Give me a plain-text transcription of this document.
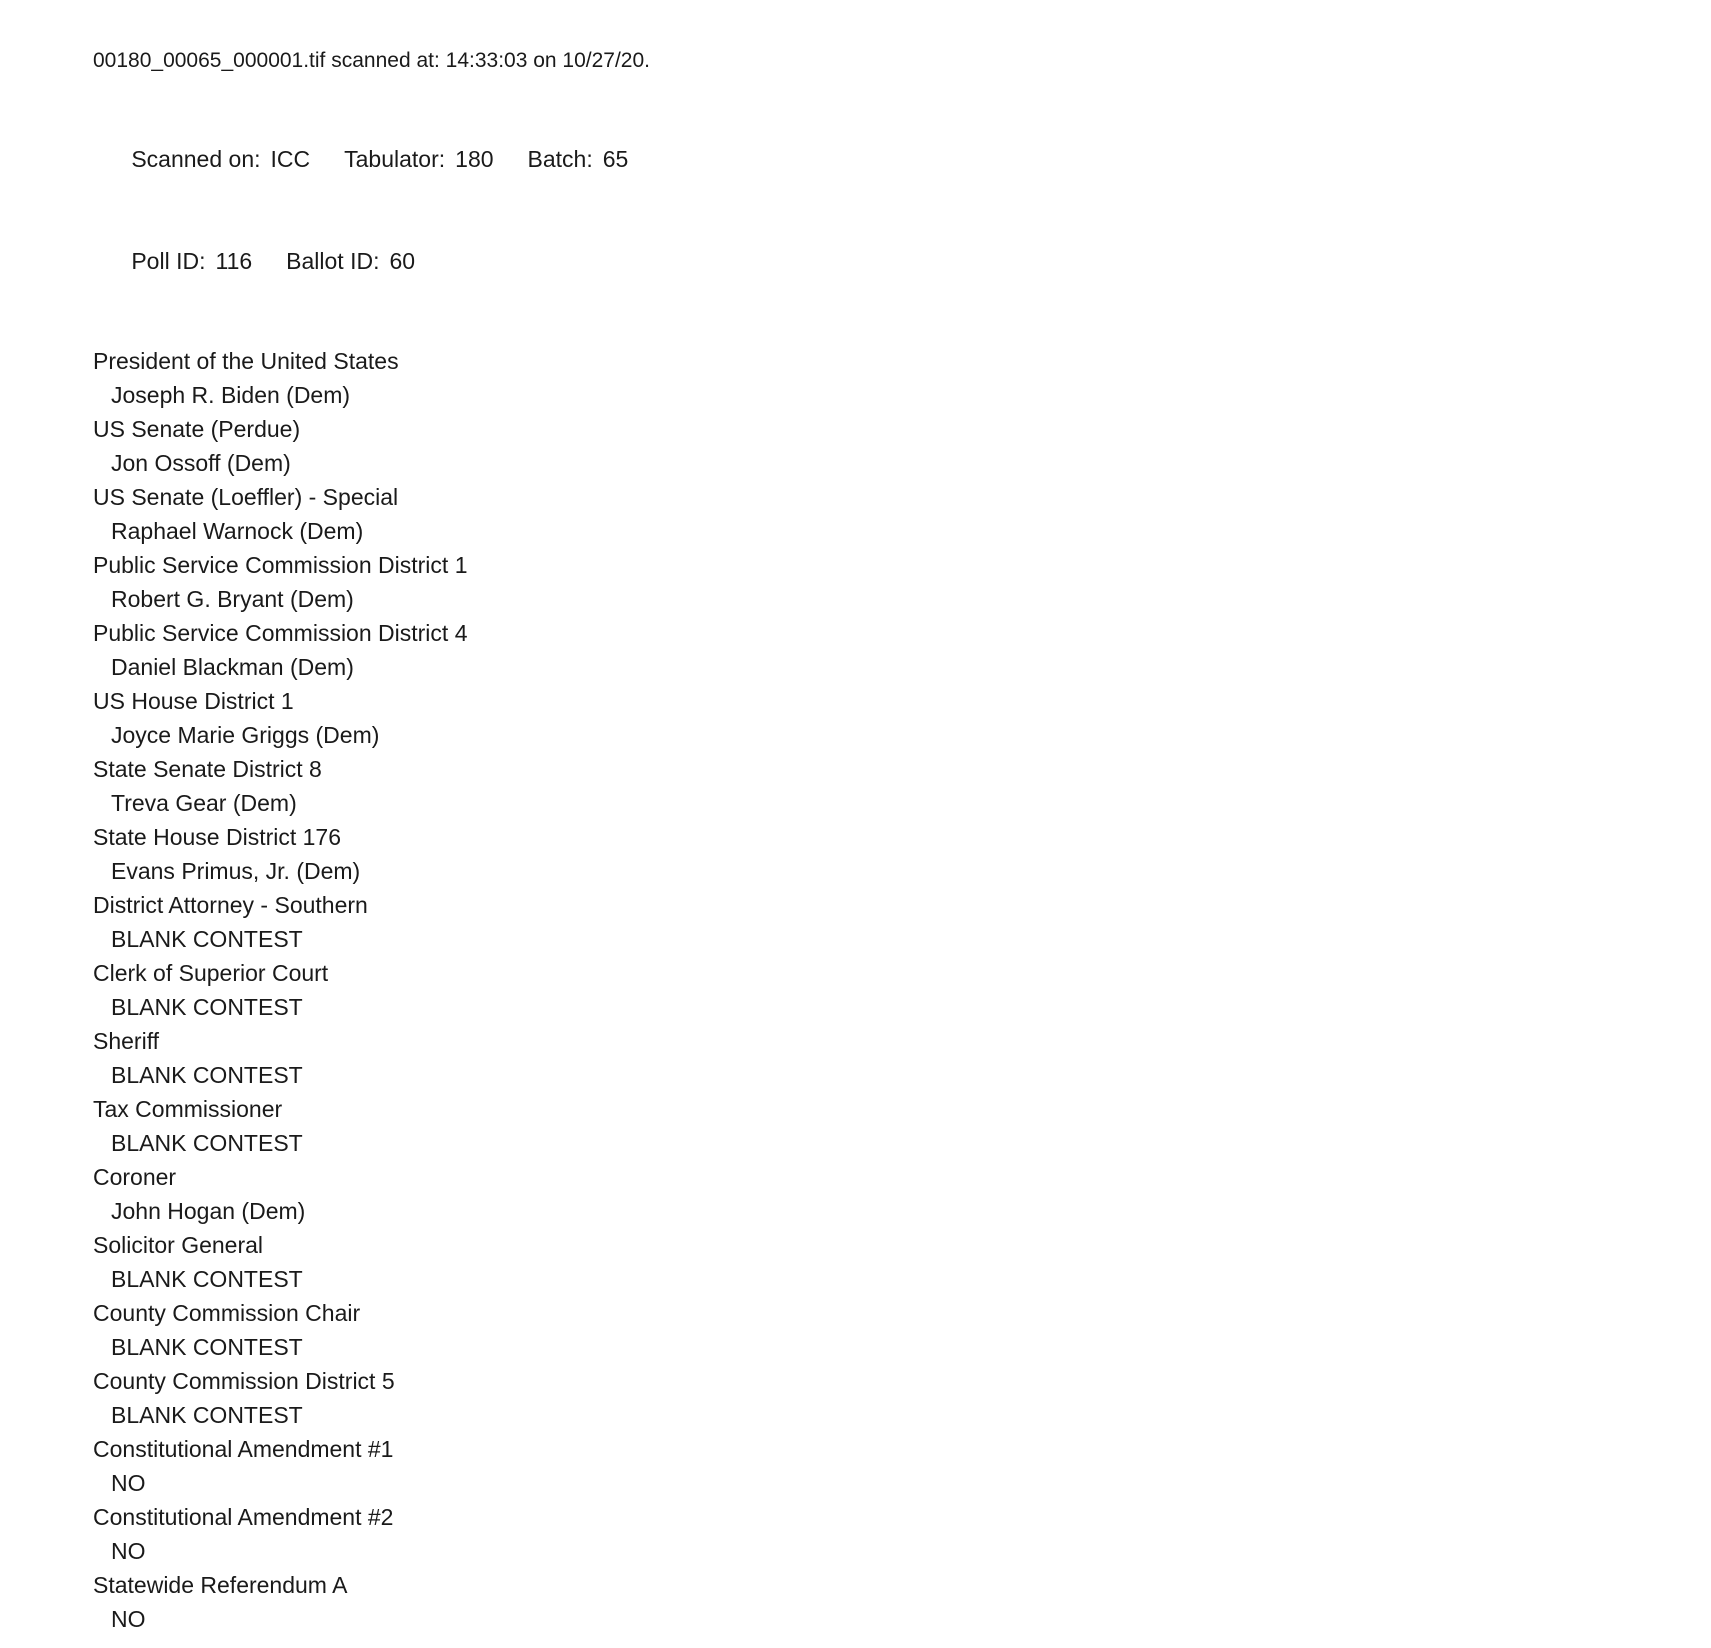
00180_00065_000001.tif scanned at: 14:33:03 on 10/27/20.

Scanned on: ICC Tabulator: 180 Batch: 65

Poll ID: 116 Ballot ID: 60

President of the United States
Joseph R. Biden (Dem)
US Senate (Perdue)
Jon Ossoff (Dem)
US Senate (Loeffler) - Special
Raphael Warnock (Dem)
Public Service Commission District 1
Robert G. Bryant (Dem)
Public Service Commission District 4
Daniel Blackman (Dem)
US House District 1
Joyce Marie Griggs (Dem)
State Senate District 8
Treva Gear (Dem)
State House District 176
Evans Primus, Jr. (Dem)
District Attorney - Southern
BLANK CONTEST
Clerk of Superior Court
BLANK CONTEST
Sheriff
BLANK CONTEST
Tax Commissioner
BLANK CONTEST
Coroner
John Hogan (Dem)
Solicitor General
BLANK CONTEST
County Commission Chair
BLANK CONTEST
County Commission District 5
BLANK CONTEST
Constitutional Amendment #1
NO
Constitutional Amendment #2
NO
Statewide Referendum A
NO
